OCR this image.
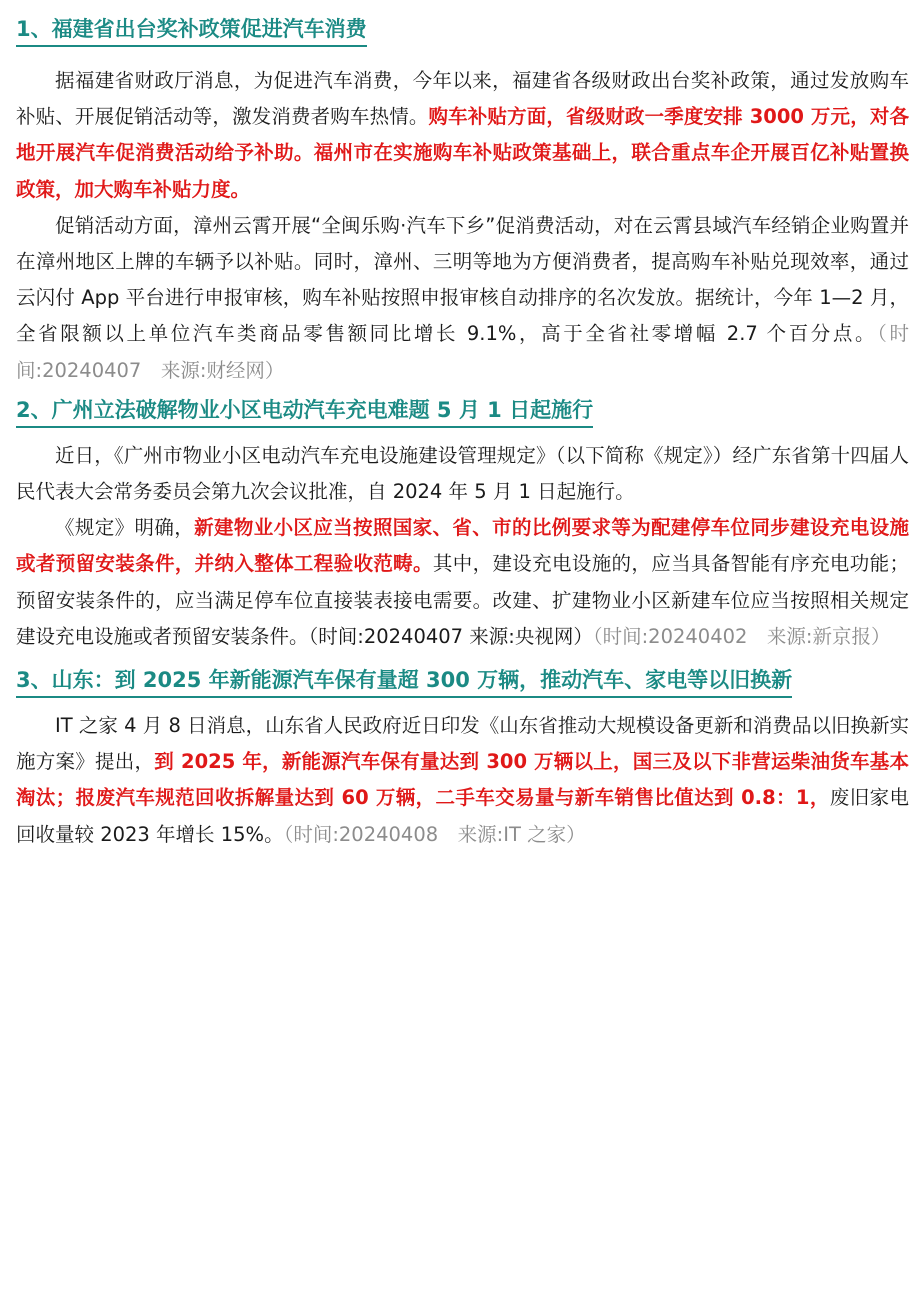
1、福建省出台奖补政策促进汽车消费

据福建省财政厅消息，为促进汽车消费，今年以来，福建省各级财政出台奖补政策，通过发放购车补贴、开展促销活动等，激发消费者购车热情。购车补贴方面，省级财政一季度安排 3000 万元，对各地开展汽车促消费活动给予补助。福州市在实施购车补贴政策基础上，联合重点车企开展百亿补贴置换政策，加大购车补贴力度。

促销活动方面，漳州云霄开展“全闽乐购·汽车下乡”促消费活动，对在云霄县域汽车经销企业购置并在漳州地区上牌的车辆予以补贴。同时，漳州、三明等地为方便消费者，提高购车补贴兑现效率，通过云闪付 App 平台进行申报审核，购车补贴按照申报审核自动排序的名次发放。据统计，今年 1—2 月，全省限额以上单位汽车类商品零售额同比增长 9.1%，高于全省社零增幅 2.7 个百分点。（时间:20240407　来源:财经网）

2、广州立法破解物业小区电动汽车充电难题 5 月 1 日起施行

近日，《广州市物业小区电动汽车充电设施建设管理规定》（以下简称《规定》）经广东省第十四届人民代表大会常务委员会第九次会议批准，自 2024 年 5 月 1 日起施行。

《规定》明确，新建物业小区应当按照国家、省、市的比例要求等为配建停车位同步建设充电设施或者预留安装条件，并纳入整体工程验收范畴。其中，建设充电设施的，应当具备智能有序充电功能；预留安装条件的，应当满足停车位直接装表接电需要。改建、扩建物业小区新建车位应当按照相关规定建设充电设施或者预留安装条件。（时间:20240407 来源:央视网）（时间:20240402　来源:新京报）

3、山东：到 2025 年新能源汽车保有量超 300 万辆，推动汽车、家电等以旧换新

IT 之家 4 月 8 日消息，山东省人民政府近日印发《山东省推动大规模设备更新和消费品以旧换新实施方案》提出，到 2025 年，新能源汽车保有量达到 300 万辆以上，国三及以下非营运柴油货车基本淘汰；报废汽车规范回收拆解量达到 60 万辆，二手车交易量与新车销售比值达到 0.8：1，废旧家电回收量较 2023 年增长 15%。（时间:20240408　来源:IT 之家）
